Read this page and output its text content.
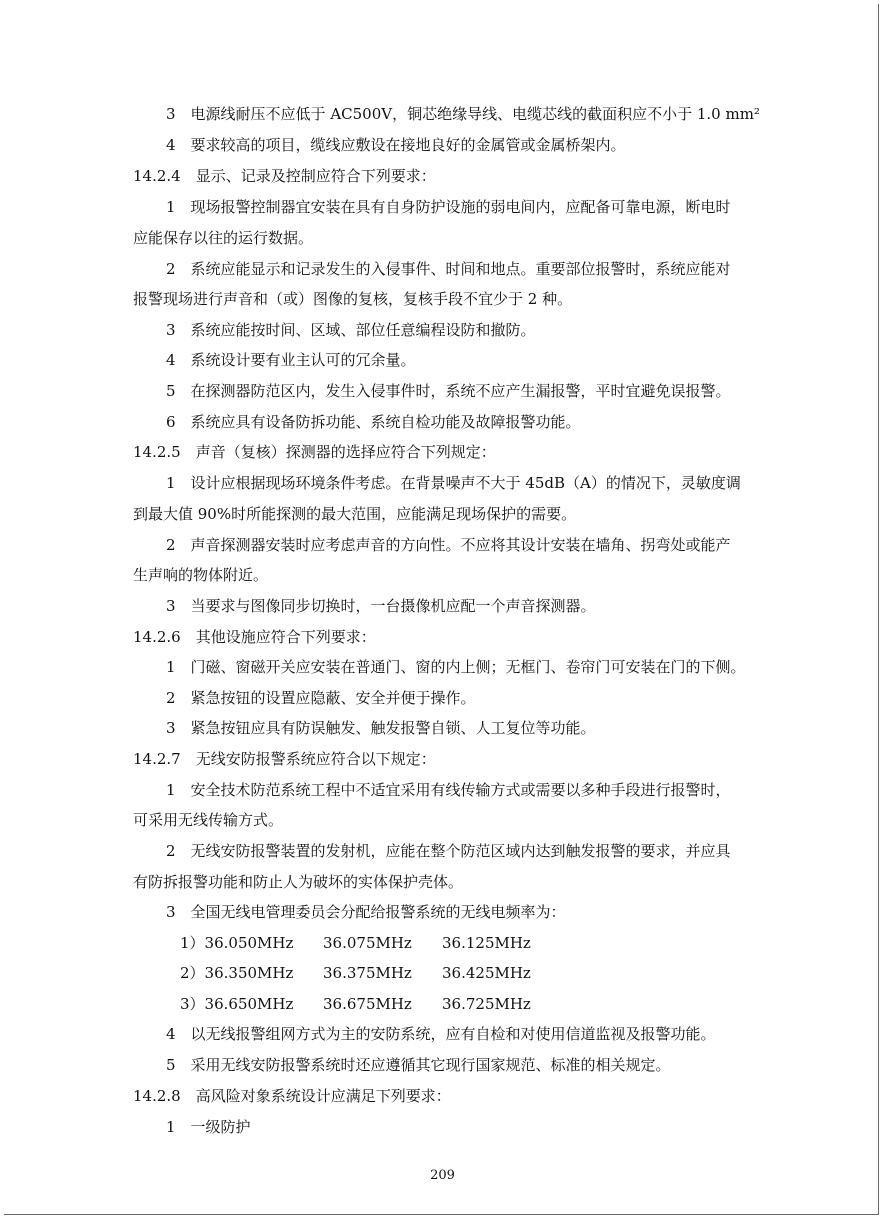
3　电源线耐压不应低于 AC500V，铜芯绝缘导线、电缆芯线的截面积应不小于 1.0 mm²
4　要求较高的项目，缆线应敷设在接地良好的金属管或金属桥架内。
14.2.4　显示、记录及控制应符合下列要求：
1　现场报警控制器宜安装在具有自身防护设施的弱电间内，应配备可靠电源，断电时
应能保存以往的运行数据。
2　系统应能显示和记录发生的入侵事件、时间和地点。重要部位报警时，系统应能对
报警现场进行声音和（或）图像的复核，复核手段不宜少于 2 种。
3　系统应能按时间、区域、部位任意编程设防和撤防。
4　系统设计要有业主认可的冗余量。
5　在探测器防范区内，发生入侵事件时，系统不应产生漏报警，平时宜避免误报警。
6　系统应具有设备防拆功能、系统自检功能及故障报警功能。
14.2.5　声音（复核）探测器的选择应符合下列规定：
1　设计应根据现场环境条件考虑。在背景噪声不大于 45dB（A）的情况下，灵敏度调
到最大值 90%时所能探测的最大范围，应能满足现场保护的需要。
2　声音探测器安装时应考虑声音的方向性。不应将其设计安装在墙角、拐弯处或能产
生声响的物体附近。
3　当要求与图像同步切换时，一台摄像机应配一个声音探测器。
14.2.6　其他设施应符合下列要求：
1　门磁、窗磁开关应安装在普通门、窗的内上侧；无框门、卷帘门可安装在门的下侧。
2　紧急按钮的设置应隐蔽、安全并便于操作。
3　紧急按钮应具有防误触发、触发报警自锁、人工复位等功能。
14.2.7　无线安防报警系统应符合以下规定：
1　安全技术防范系统工程中不适宜采用有线传输方式或需要以多种手段进行报警时，
可采用无线传输方式。
2　无线安防报警装置的发射机，应能在整个防范区域内达到触发报警的要求，并应具
有防拆报警功能和防止人为破坏的实体保护壳体。
3　全国无线电管理委员会分配给报警系统的无线电频率为：
1）36.050MHz 36.075MHz 36.125MHz
2）36.350MHz 36.375MHz 36.425MHz
3）36.650MHz 36.675MHz 36.725MHz
4　以无线报警组网方式为主的安防系统，应有自检和对使用信道监视及报警功能。
5　采用无线安防报警系统时还应遵循其它现行国家规范、标准的相关规定。
14.2.8　高风险对象系统设计应满足下列要求：
1　一级防护
209
